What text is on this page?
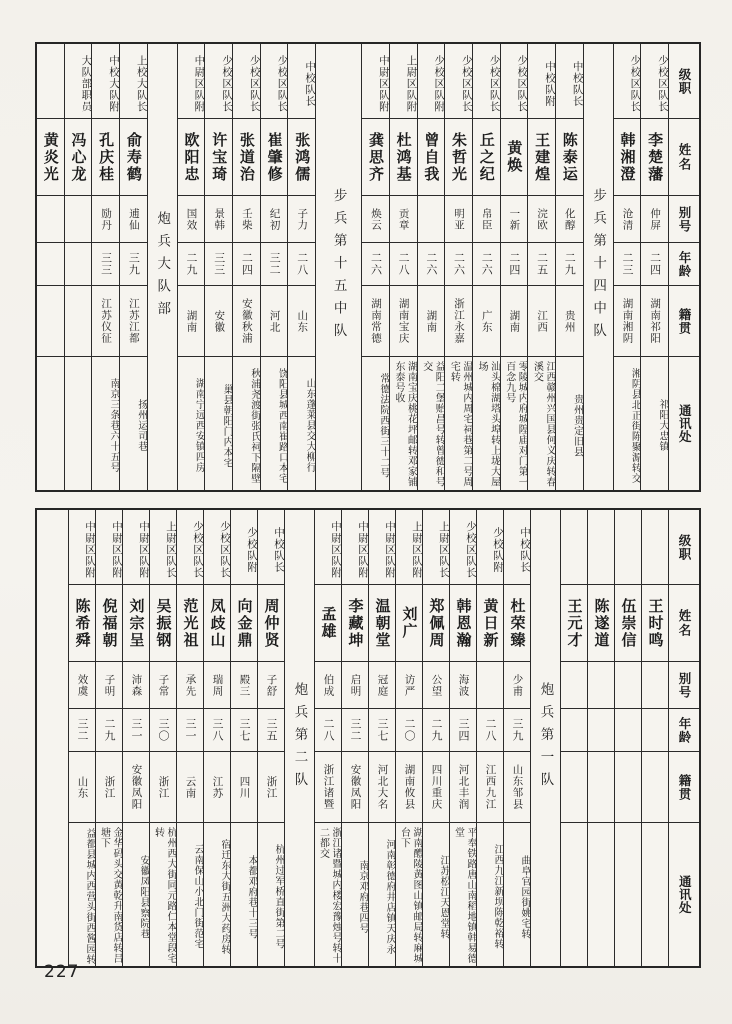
级职
姓名
别号
年龄
籍贯
通讯处
少校区队长
李楚藩
仲屏
二四
湖南祁阳
祁阳大忠镇
少校区队长
韩湘澄
沧清
二三
湖南湘阴
湘阴县北正街陈聚源转交
步兵第十四中队
中校队长
陈泰运
化醇
二九
贵州
贵州贵定旧县
中校队附
王建煌
浣欧
二五
江西
江西赣州兴国县何义庆转春溪交
少校区队长
黄焕
一新
二四
湖南
零陵城内府城隍庙对门第一百念九号
少校区队长
丘之纪
帛臣
二六
广东
汕头棉湖塔头埠转上垅大屋场
少校区队长
朱哲光
明亚
二六
浙江永嘉
温州城内周宅祠巷第二号周宅转
少校区队附
曾自我
二六
湖南
益阳二堡贻昌号转曾德和号交
上尉区队附
杜鸿基
贡章
二八
湖南宝庆
湖南宝庆桃花坪邮转邓家铺东泰号收
中尉区队附
龚思齐
焕云
二六
湖南常德
常德法院西街三十二号
步兵第十五中队
中校队长
张鸿儒
子力
二八
山东
山东蓬莱县交大柳行
少校区队长
崔肇修
纪初
三二
河北
饶阳县城西南崔路口本宅
少校区队长
张道治
壬柴
二四
安徽秋浦
秋浦尧渡街张氏祠下隔壁
少校区队长
许宝琦
景韩
三三
安徽
巢县朝阳门内本宅
中尉区队附
欧阳忠
国效
二九
湖南
湖南宁远西安镇四房
炮兵大队部
上校大队长
俞寿鹤
逋仙
三九
江苏江都
扬州运司巷
中校大队附
孔庆桂
励丹
三三
江苏仪征
南京三条巷六十五号
大队部职员
冯心龙
黄炎光
级职
姓名
别号
年龄
籍贯
通讯处
王时鸣
伍崇信
陈遂道
王元才
炮兵第一队
中校队长
杜荣臻
少甫
三九
山东邹县
曲阜官园街姚宅转
少校队附
黄日新
二八
江西九江
江西九江新坝陈乾裕转
少校区队长
韩恩瀚
海波
三四
河北丰润
平奉铁路唐山南稻地镇韩易德堂
上尉区队长
郑佩周
公望
二九
四川重庆
江苏松江天恩堂转
上尉区队附
刘广
访严
二〇
湖南攸县
湖南醴陵黄图山镇邮局转麻城台下
中尉区队附
温朝堂
冠庭
三七
河北大名
河南彰德府井店镇天庆永
中尉区队附
李藏坤
启明
三二
安徽凤阳
南京邓府巷四号
中尉区队附
孟雄
伯成
二八
浙江诸暨
浙江诸暨城内楼宏豫烛号转十二都交
炮兵第二队
中校队长
周仲贤
子舒
三五
浙江
杭州过军桥直街第二号
少校队附
向金鼎
殿三
三七
四川
本都邓府巷十三号
少校区队长
凤歧山
瑞周
三八
江苏
宿迁东大街五洲大药房转
少校区队长
范光祖
承先
三一
云南
云南保山小北门街范宅
上尉区队长
吴振钢
子常
三〇
浙江
杭州西大街同元路仁本堂段宅转
中尉区队附
刘宗呈
沛森
三一
安徽凤阳
安徽凤阳县察院巷
中尉区队附
倪福朝
子明
二九
浙江
金华码头交黄乾升南货店转吕塘下
中尉区队附
陈希舜
效虞
三二
山东
益都县城内西营头街西酱园转
227
